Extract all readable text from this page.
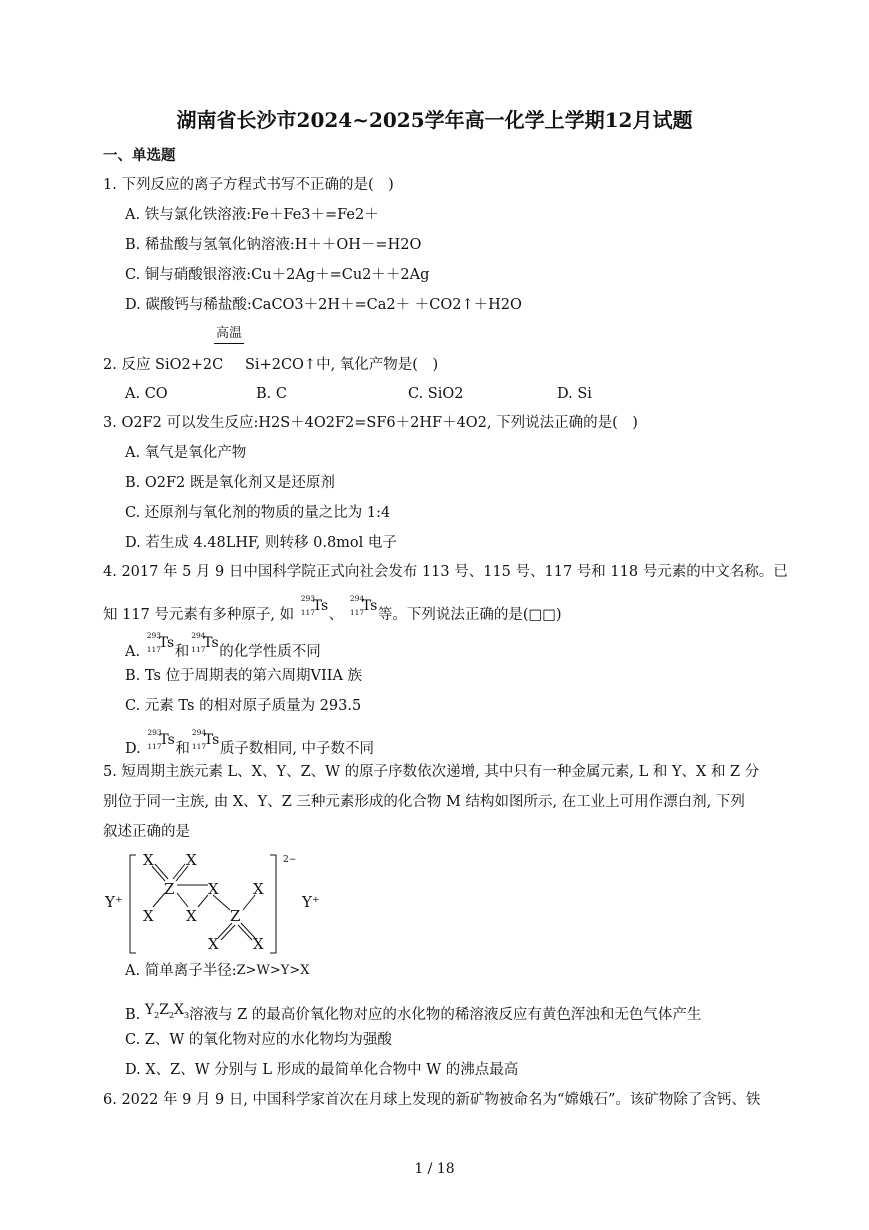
湖南省长沙市2024~2025学年高一化学上学期12月试题
一、单选题
1. 下列反应的离子方程式书写不正确的是(　)
A. 铁与氯化铁溶液:Fe＋Fe3＋=Fe2＋
B. 稀盐酸与氢氧化钠溶液:H＋＋OH－=H2O
C. 铜与硝酸银溶液:Cu＋2Ag＋=Cu2＋＋2Ag
D. 碳酸钙与稀盐酸:CaCO3＋2H＋=Ca2＋ ＋CO2↑＋H2O
高温
2. 反应 SiO2+2C Si+2CO↑中, 氧化产物是(　)
A. CO	B. C	C. SiO2	D. Si
3. O2F2 可以发生反应:H2S＋4O2F2=SF6＋2HF＋4O2, 下列说法正确的是(　)
A. 氧气是氧化产物
B. O2F2 既是氧化剂又是还原剂
C. 还原剂与氧化剂的物质的量之比为 1:4
D. 若生成 4.48LHF, 则转移 0.8mol 电子
4. 2017 年 5 月 9 日中国科学院正式向社会发布 113 号、115 号、117 号和 118 号元素的中文名称。已
知 117 号元素有多种原子, 如
293
117
Ts
、
294
117
Ts
等。下列说法正确的是(□□)
A.
293
117
Ts
和
294
117
Ts
的化学性质不同
B. Ts 位于周期表的第六周期VIIA 族
C. 元素 Ts 的相对原子质量为 293.5
D.
293
117
Ts
和
294
117
Ts
质子数相同, 中子数不同
5. 短周期主族元素 L、X、Y、Z、W 的原子序数依次递增, 其中只有一种金属元素, L 和 Y、X 和 Z 分
别位于同一主族, 由 X、Y、Z 三种元素形成的化合物 M 结构如图所示, 在工业上可用作漂白剂, 下列
叙述正确的是
Y⁺	Y⁺
2−
X X
Z X X
X X Z
X X
A. 简单离子半径:Z>W>Y>X
B. $Y_2Z_2X_3$溶液与 Z 的最高价氧化物对应的水化物的稀溶液反应有黄色浑浊和无色气体产生
C. Z、W 的氧化物对应的水化物均为强酸
D. X、Z、W 分别与 L 形成的最简单化合物中 W 的沸点最高
6. 2022 年 9 月 9 日, 中国科学家首次在月球上发现的新矿物被命名为“嫦娥石”。该矿物除了含钙、铁
1 / 18
